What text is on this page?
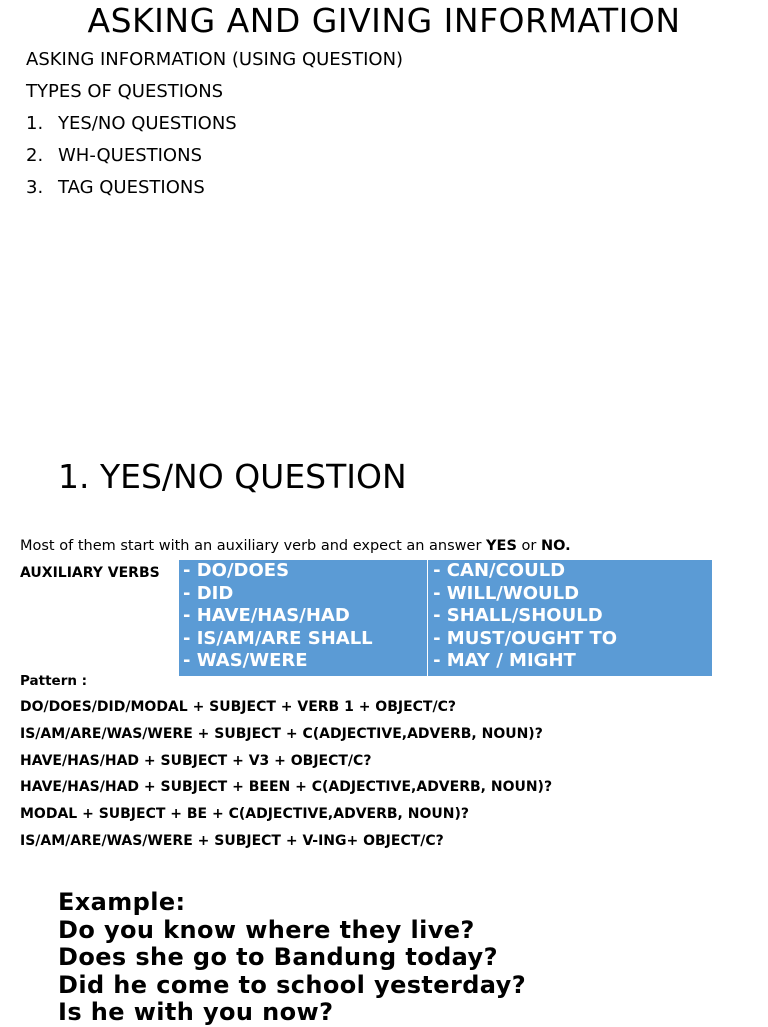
ASKING AND GIVING INFORMATION
ASKING INFORMATION (USING QUESTION)
TYPES OF QUESTIONS
1. YES/NO QUESTIONS
2. WH-QUESTIONS
3. TAG QUESTIONS
1. YES/NO QUESTION
Most of them start with an auxiliary verb and expect an answer YES or NO.
AUXILIARY VERBS - DO/DOES
- DID
- HAVE/HAS/HAD
- IS/AM/ARE SHALL
- WAS/WERE
- CAN/COULD
- WILL/WOULD
- SHALL/SHOULD
- MUST/OUGHT TO
- MAY / MIGHT
Pattern :
DO/DOES/DID/MODAL + SUBJECT + VERB 1 + OBJECT/C?
IS/AM/ARE/WAS/WERE + SUBJECT + C(ADJECTIVE,ADVERB, NOUN)?
HAVE/HAS/HAD + SUBJECT + V3 + OBJECT/C?
HAVE/HAS/HAD + SUBJECT + BEEN + C(ADJECTIVE,ADVERB, NOUN)?
MODAL + SUBJECT + BE + C(ADJECTIVE,ADVERB, NOUN)?
IS/AM/ARE/WAS/WERE + SUBJECT + V-ING+ OBJECT/C?
Example:
Do you know where they live?
Does she go to Bandung today?
Did he come to school yesterday?
Is he with you now?
